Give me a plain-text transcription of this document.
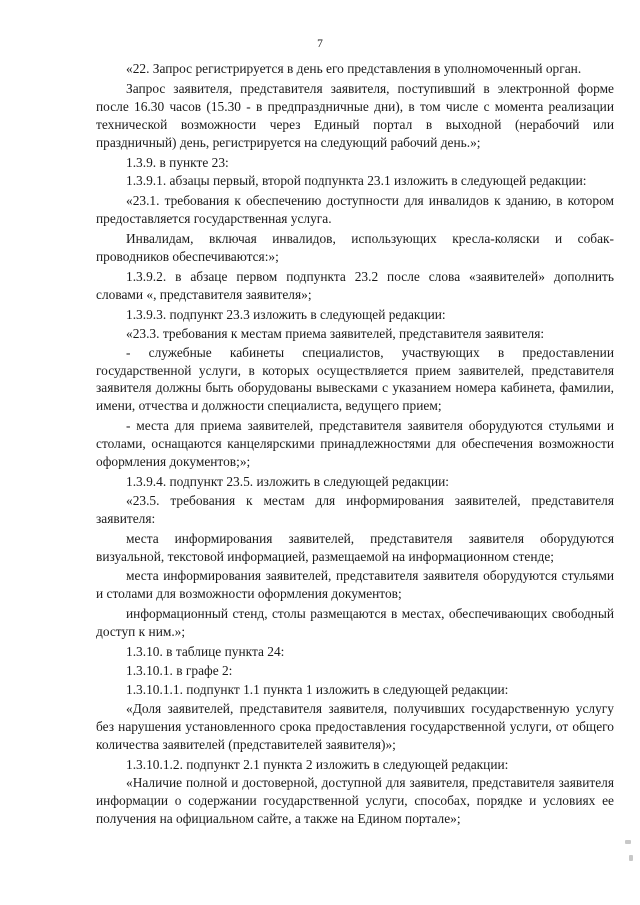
7

«22. Запрос регистрируется в день его представления в уполномоченный орган.

Запрос заявителя, представителя заявителя, поступивший в электронной форме после 16.30 часов (15.30 - в предпраздничные дни), в том числе с момента реализации технической возможности через Единый портал в выходной (нерабочий или праздничный) день, регистрируется на следующий рабочий день.»;

1.3.9. в пункте 23:

1.3.9.1. абзацы первый, второй подпункта 23.1 изложить в следующей редакции:

«23.1. требования к обеспечению доступности для инвалидов к зданию, в котором предоставляется государственная услуга.

Инвалидам, включая инвалидов, использующих кресла-коляски и собак-проводников обеспечиваются:»;

1.3.9.2. в абзаце первом подпункта 23.2 после слова «заявителей» дополнить словами «, представителя заявителя»;

1.3.9.3. подпункт 23.3 изложить в следующей редакции:

«23.3. требования к местам приема заявителей, представителя заявителя:

- служебные кабинеты специалистов, участвующих в предоставлении государственной услуги, в которых осуществляется прием заявителей, представителя заявителя должны быть оборудованы вывесками с указанием номера кабинета, фамилии, имени, отчества и должности специалиста, ведущего прием;

- места для приема заявителей, представителя заявителя оборудуются стульями и столами, оснащаются канцелярскими принадлежностями для обеспечения возможности оформления документов;»;

1.3.9.4. подпункт 23.5. изложить в следующей редакции:

«23.5. требования к местам для информирования заявителей, представителя заявителя:

места информирования заявителей, представителя заявителя оборудуются визуальной, текстовой информацией, размещаемой на информационном стенде;

места информирования заявителей, представителя заявителя оборудуются стульями и столами для возможности оформления документов;

информационный стенд, столы размещаются в местах, обеспечивающих свободный доступ к ним.»;

1.3.10. в таблице пункта 24:

1.3.10.1. в графе 2:

1.3.10.1.1. подпункт 1.1 пункта 1 изложить в следующей редакции:

«Доля заявителей, представителя заявителя, получивших государственную услугу без нарушения установленного срока предоставления государственной услуги, от общего количества заявителей (представителей заявителя)»;

1.3.10.1.2. подпункт 2.1 пункта 2 изложить в следующей редакции:

«Наличие полной и достоверной, доступной для заявителя, представителя заявителя информации о содержании государственной услуги, способах, порядке и условиях ее получения на официальном сайте, а также на Едином портале»;
